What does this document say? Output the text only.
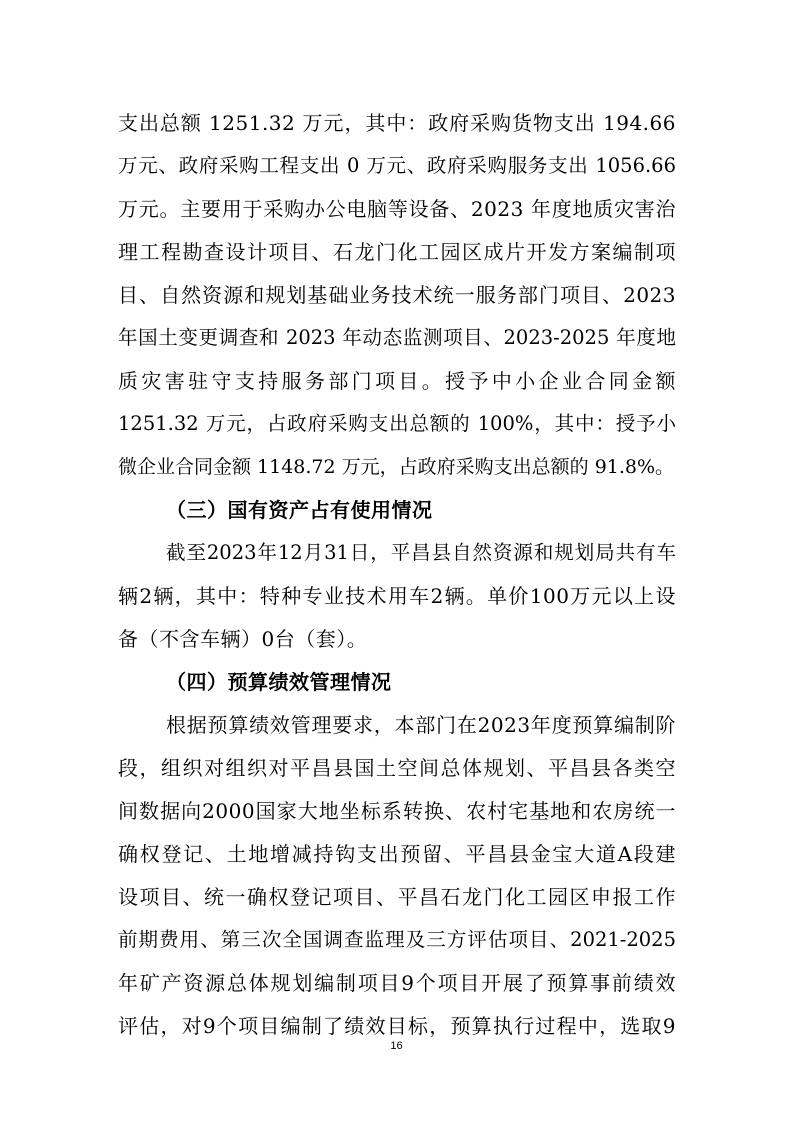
支出总额 1251.32 万元，其中：政府采购货物支出 194.66
万元、政府采购工程支出 0 万元、政府采购服务支出 1056.66
万元。主要用于采购办公电脑等设备、2023 年度地质灾害治
理工程勘查设计项目、石龙门化工园区成片开发方案编制项
目、自然资源和规划基础业务技术统一服务部门项目、2023
年国土变更调查和 2023 年动态监测项目、2023-2025 年度地
质灾害驻守支持服务部门项目。授予中小企业合同金额
1251.32 万元，占政府采购支出总额的 100%，其中：授予小
微企业合同金额 1148.72 万元，占政府采购支出总额的 91.8%。
（三）国有资产占有使用情况
截至2023年12月31日，平昌县自然资源和规划局共有车
辆2辆，其中：特种专业技术用车2辆。单价100万元以上设
备（不含车辆）0台（套）。
（四）预算绩效管理情况
根据预算绩效管理要求，本部门在2023年度预算编制阶
段，组织对组织对平昌县国土空间总体规划、平昌县各类空
间数据向2000国家大地坐标系转换、农村宅基地和农房统一
确权登记、土地增减持钩支出预留、平昌县金宝大道A段建
设项目、统一确权登记项目、平昌石龙门化工园区申报工作
前期费用、第三次全国调查监理及三方评估项目、2021-2025
年矿产资源总体规划编制项目9个项目开展了预算事前绩效
评估，对9个项目编制了绩效目标，预算执行过程中，选取9
16
